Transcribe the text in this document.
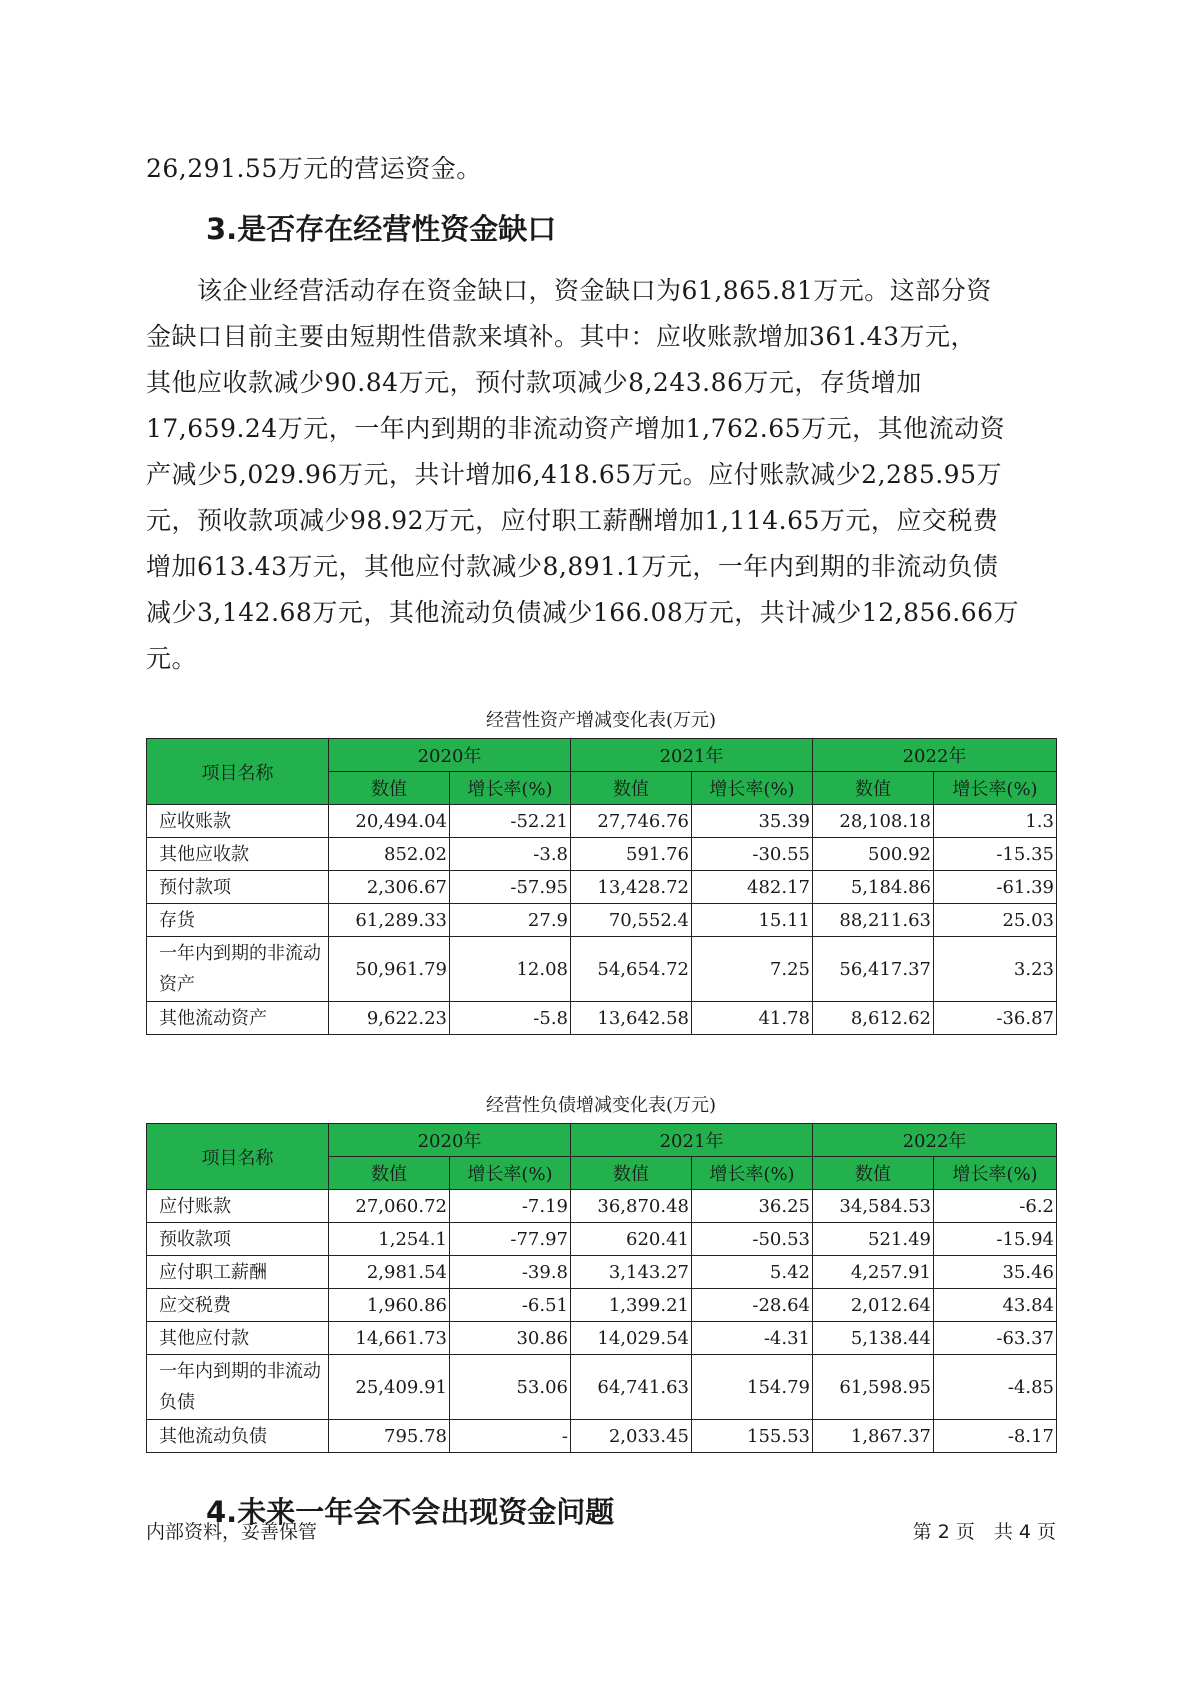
26,291.55万元的营运资金。
3.是否存在经营性资金缺口
　　该企业经营活动存在资金缺口，资金缺口为61,865.81万元。这部分资
金缺口目前主要由短期性借款来填补。其中：应收账款增加361.43万元，
其他应收款减少90.84万元，预付款项减少8,243.86万元，存货增加
17,659.24万元，一年内到期的非流动资产增加1,762.65万元，其他流动资
产减少5,029.96万元，共计增加6,418.65万元。应付账款减少2,285.95万
元，预收款项减少98.92万元，应付职工薪酬增加1,114.65万元，应交税费
增加613.43万元，其他应付款减少8,891.1万元，一年内到期的非流动负债
减少3,142.68万元，其他流动负债减少166.08万元，共计减少12,856.66万
元。
经营性资产增减变化表(万元)
项目名称	2020年		2021年		2022年	
	数值	增长率(%)	数值	增长率(%)	数值	增长率(%)
应收账款	20,494.04	-52.21	27,746.76	35.39	28,108.18	1.3
其他应收款	852.02	-3.8	591.76	-30.55	500.92	-15.35
预付款项	2,306.67	-57.95	13,428.72	482.17	5,184.86	-61.39
存货	61,289.33	27.9	70,552.4	15.11	88,211.63	25.03
一年内到期的非流动资产	50,961.79	12.08	54,654.72	7.25	56,417.37	3.23
其他流动资产	9,622.23	-5.8	13,642.58	41.78	8,612.62	-36.87
经营性负债增减变化表(万元)
项目名称	2020年		2021年		2022年	
	数值	增长率(%)	数值	增长率(%)	数值	增长率(%)
应付账款	27,060.72	-7.19	36,870.48	36.25	34,584.53	-6.2
预收款项	1,254.1	-77.97	620.41	-50.53	521.49	-15.94
应付职工薪酬	2,981.54	-39.8	3,143.27	5.42	4,257.91	35.46
应交税费	1,960.86	-6.51	1,399.21	-28.64	2,012.64	43.84
其他应付款	14,661.73	30.86	14,029.54	-4.31	5,138.44	-63.37
一年内到期的非流动负债	25,409.91	53.06	64,741.63	154.79	61,598.95	-4.85
其他流动负债	795.78	-	2,033.45	155.53	1,867.37	-8.17
4.未来一年会不会出现资金问题
内部资料，妥善保管	第 2 页　共 4 页
